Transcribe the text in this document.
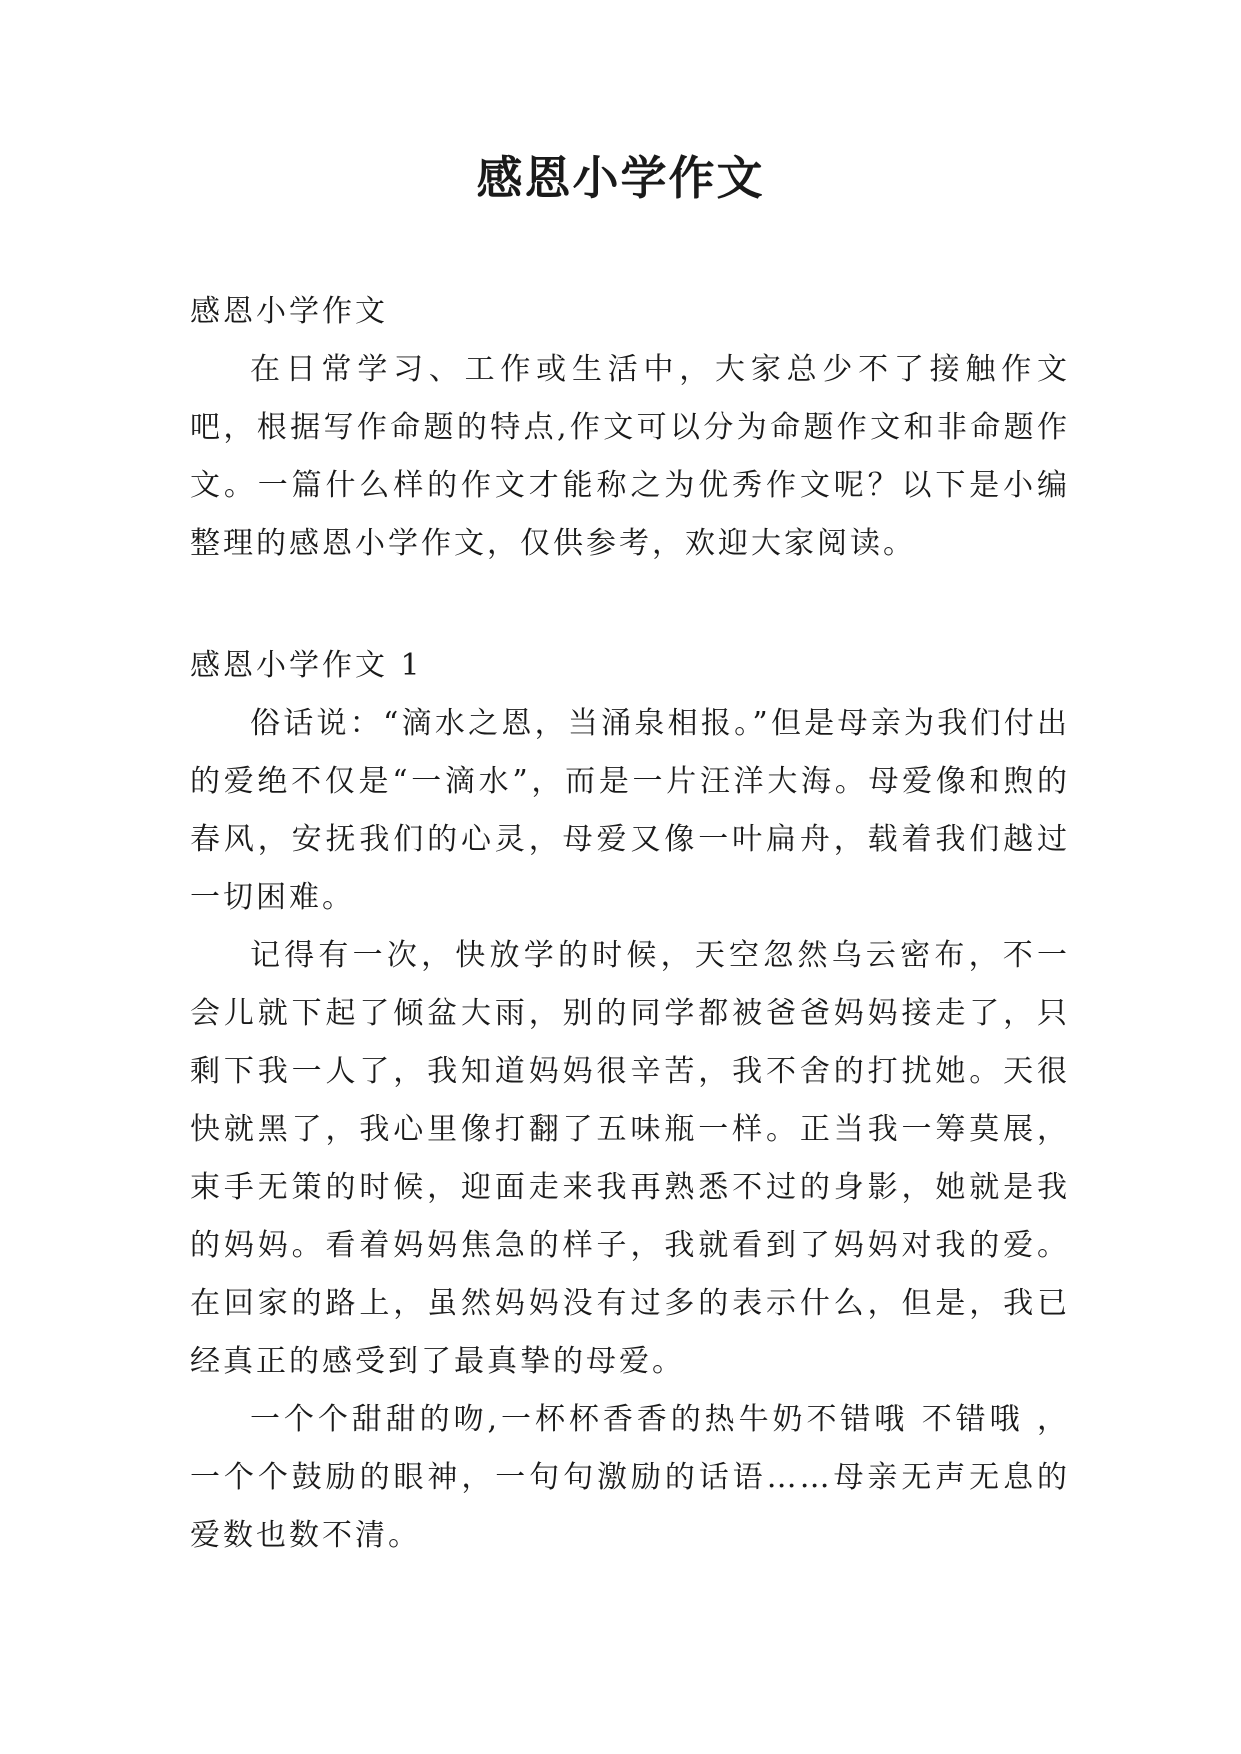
感恩小学作文
感恩小学作文

在日常学习、工作或生活中，大家总少不了接触作文吧，根据写作命题的特点,作文可以分为命题作文和非命题作文。一篇什么样的作文才能称之为优秀作文呢？以下是小编整理的感恩小学作文，仅供参考，欢迎大家阅读。

感恩小学作文 1

俗话说：“滴水之恩，当涌泉相报。”但是母亲为我们付出的爱绝不仅是“一滴水”，而是一片汪洋大海。母爱像和煦的春风，安抚我们的心灵，母爱又像一叶扁舟，载着我们越过一切困难。

记得有一次，快放学的时候，天空忽然乌云密布，不一会儿就下起了倾盆大雨，别的同学都被爸爸妈妈接走了，只剩下我一人了，我知道妈妈很辛苦，我不舍的打扰她。天很快就黑了，我心里像打翻了五味瓶一样。正当我一筹莫展，束手无策的时候，迎面走来我再熟悉不过的身影，她就是我的妈妈。看着妈妈焦急的样子，我就看到了妈妈对我的爱。在回家的路上，虽然妈妈没有过多的表示什么，但是，我已经真正的感受到了最真挚的母爱。

一个个甜甜的吻,一杯杯香香的热牛奶不错哦 不错哦 ，一个个鼓励的眼神，一句句激励的话语……母亲无声无息的爱数也数不清。
